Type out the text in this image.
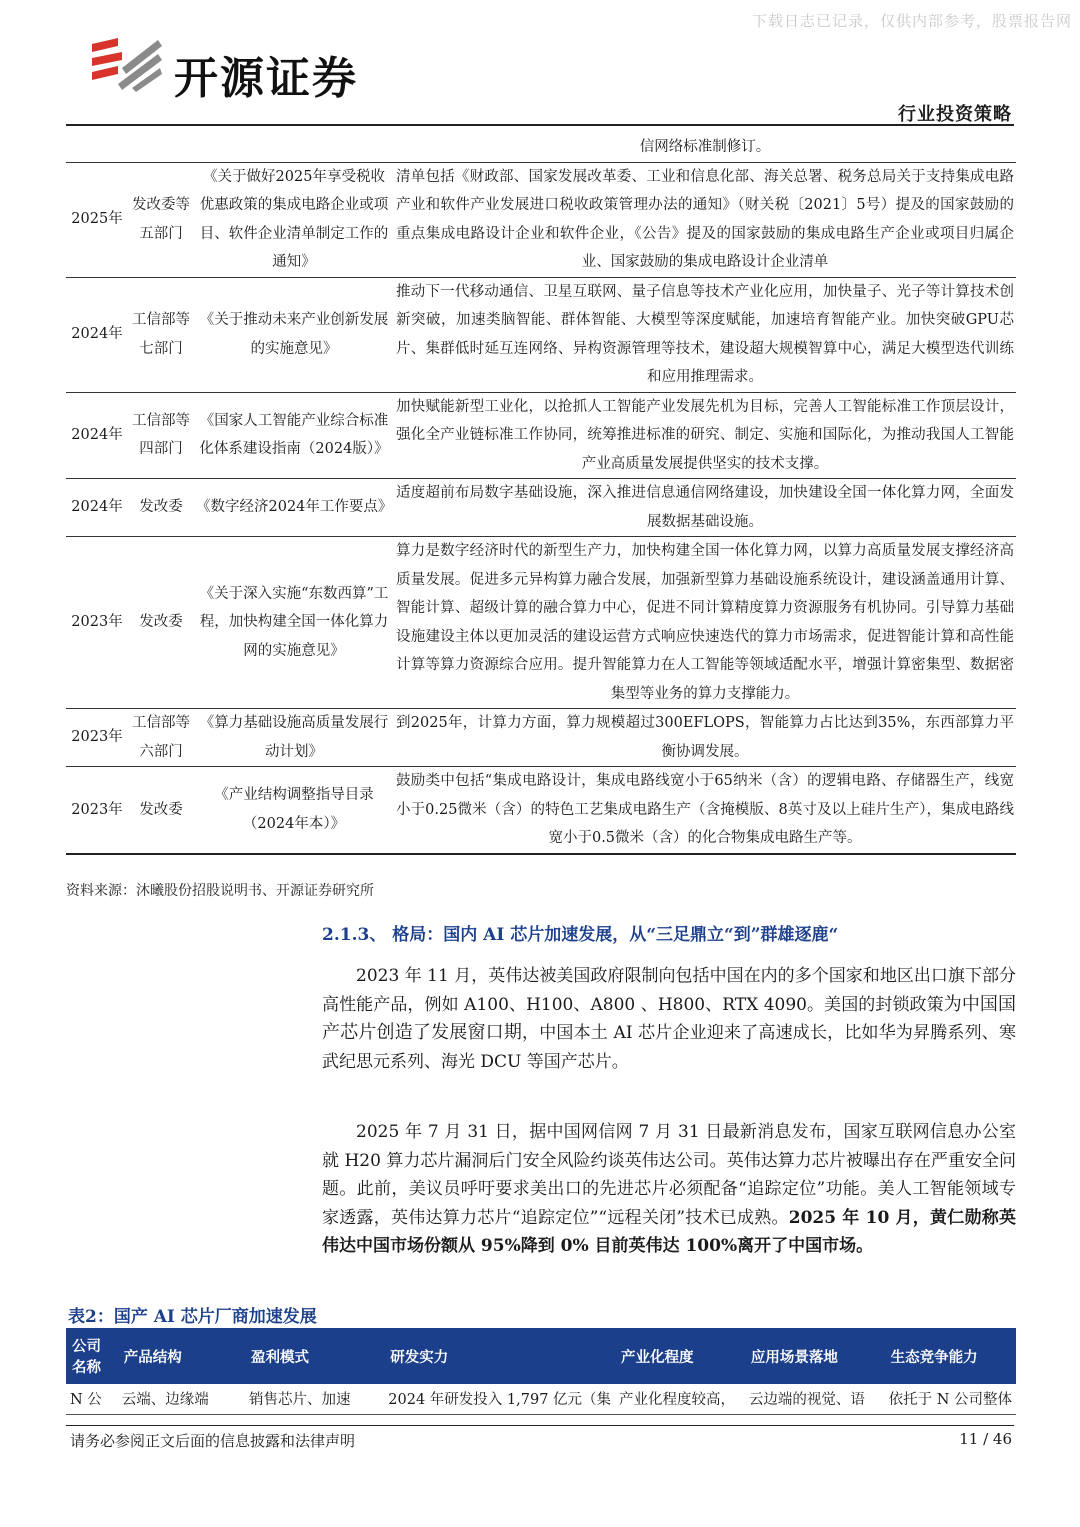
下载日志已记录，仅供内部参考，股票报告网
开源证券
行业投资策略
			信网络标准制修订。
2025年	发改委等五部门	《关于做好2025年享受税收优惠政策的集成电路企业或项目、软件企业清单制定工作的通知》	清单包括《财政部、国家发展改革委、工业和信息化部、海关总署、税务总局关于支持集成电路产业和软件产业发展进口税收政策管理办法的通知》（财关税〔2021〕5号）提及的国家鼓励的重点集成电路设计企业和软件企业，《公告》提及的国家鼓励的集成电路生产企业或项目归属企业、国家鼓励的集成电路设计企业清单
2024年	工信部等七部门	《关于推动未来产业创新发展的实施意见》	推动下一代移动通信、卫星互联网、量子信息等技术产业化应用，加快量子、光子等计算技术创新突破，加速类脑智能、群体智能、大模型等深度赋能，加速培育智能产业。加快突破GPU芯片、集群低时延互连网络、异构资源管理等技术，建设超大规模智算中心，满足大模型迭代训练和应用推理需求。
2024年	工信部等四部门	《国家人工智能产业综合标准化体系建设指南（2024版）》	加快赋能新型工业化，以抢抓人工智能产业发展先机为目标，完善人工智能标准工作顶层设计，强化全产业链标准工作协同，统筹推进标准的研究、制定、实施和国际化，为推动我国人工智能产业高质量发展提供坚实的技术支撑。
2024年	发改委	《数字经济2024年工作要点》	适度超前布局数字基础设施，深入推进信息通信网络建设，加快建设全国一体化算力网，全面发展数据基础设施。
2023年	发改委	《关于深入实施“东数西算”工程，加快构建全国一体化算力网的实施意见》	算力是数字经济时代的新型生产力，加快构建全国一体化算力网，以算力高质量发展支撑经济高质量发展。促进多元异构算力融合发展，加强新型算力基础设施系统设计，建设涵盖通用计算、智能计算、超级计算的融合算力中心，促进不同计算精度算力资源服务有机协同。引导算力基础设施建设主体以更加灵活的建设运营方式响应快速迭代的算力市场需求，促进智能计算和高性能计算等算力资源综合应用。提升智能算力在人工智能等领域适配水平，增强计算密集型、数据密集型等业务的算力支撑能力。
2023年	工信部等六部门	《算力基础设施高质量发展行动计划》	到2025年，计算力方面，算力规模超过300EFLOPS，智能算力占比达到35%，东西部算力平衡协调发展。
2023年	发改委	《产业结构调整指导目录（2024年本）》	鼓励类中包括“集成电路设计，集成电路线宽小于65纳米（含）的逻辑电路、存储器生产，线宽小于0.25微米（含）的特色工艺集成电路生产（含掩模版、8英寸及以上硅片生产），集成电路线宽小于0.5微米（含）的化合物集成电路生产等。
资料来源：沐曦股份招股说明书、开源证券研究所
2.1.3、 格局：国内 AI 芯片加速发展，从“三足鼎立“到”群雄逐鹿“
2023 年 11 月，英伟达被美国政府限制向包括中国在内的多个国家和地区出口旗下部分高性能产品，例如 A100、H100、A800 、H800、RTX 4090。美国的封锁政策为中国国产芯片创造了发展窗口期，中国本土 AI 芯片企业迎来了高速成长，比如华为昇腾系列、寒武纪思元系列、海光 DCU 等国产芯片。
2025 年 7 月 31 日，据中国网信网 7 月 31 日最新消息发布，国家互联网信息办公室就 H20 算力芯片漏洞后门安全风险约谈英伟达公司。英伟达算力芯片被曝出存在严重安全问题。此前，美议员呼吁要求美出口的先进芯片必须配备“追踪定位”功能。美人工智能领域专家透露，英伟达算力芯片“追踪定位”“远程关闭”技术已成熟。2025 年 10 月，黄仁勋称英伟达中国市场份额从 95%降到 0% 目前英伟达 100%离开了中国市场。
表2：国产 AI 芯片厂商加速发展
公司名称	产品结构	盈利模式	研发实力	产业化程度	应用场景落地	生态竞争能力
N 公	云端、边缘端	销售芯片、加速	2024 年研发投入 1,797 亿元（集	产业化程度较高，	云边端的视觉、语	依托于 N 公司整体
请务必参阅正文后面的信息披露和法律声明	11 / 46
